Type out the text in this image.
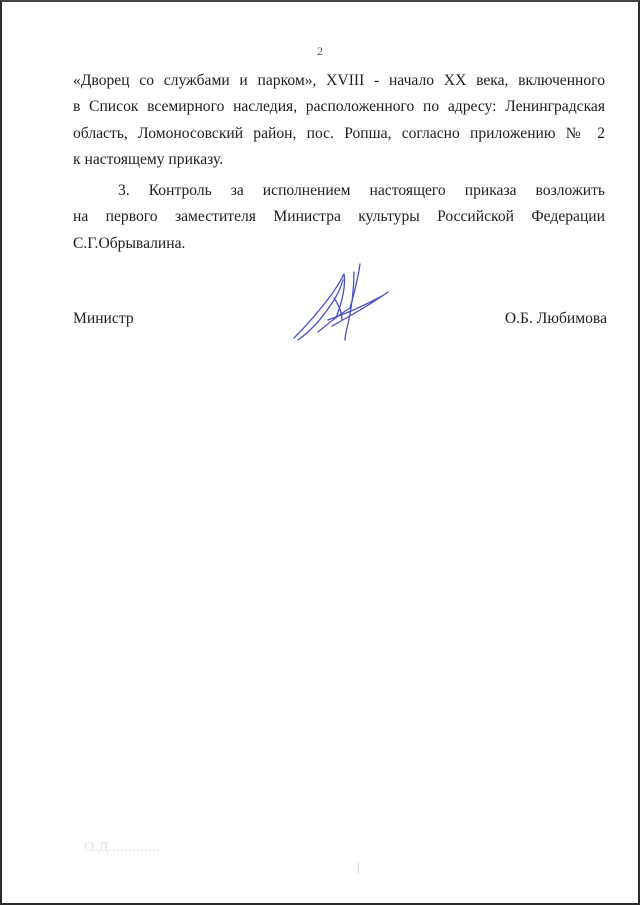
2
«Дворец со службами и парком», XVIII - начало XX века, включенного
в Список всемирного наследия, расположенного по адресу: Ленинградская
область, Ломоносовский район, пос. Ропша, согласно приложению № 2
к настоящему приказу.
3. Контроль за исполнением настоящего приказа возложить
на первого заместителя Министра культуры Российской Федерации
С.Г.Обрывалина.
Министр	О.Б. Любимова
О.Д.............
